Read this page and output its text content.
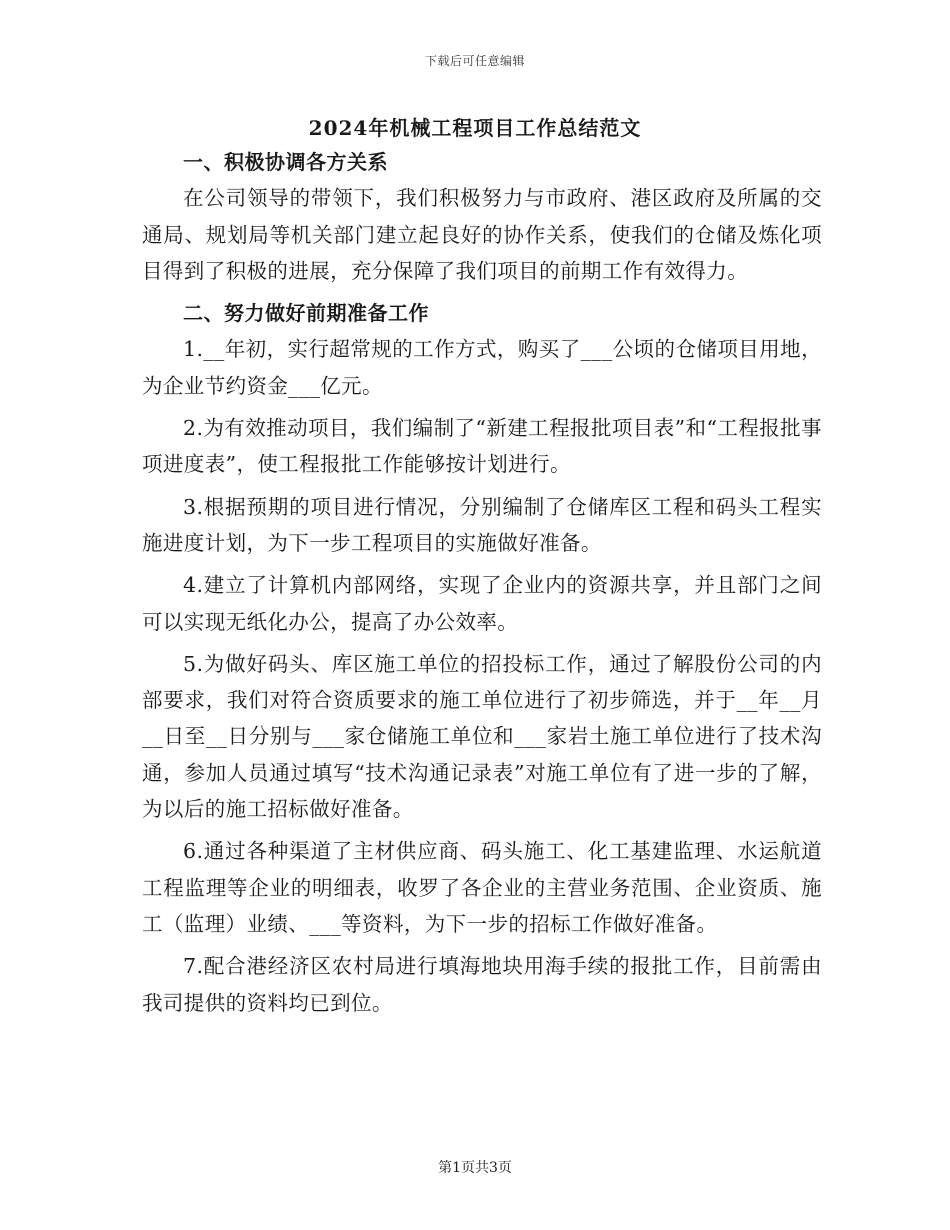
下载后可任意编辑
2024年机械工程项目工作总结范文

一、积极协调各方关系

在公司领导的带领下，我们积极努力与市政府、港区政府及所属的交通局、规划局等机关部门建立起良好的协作关系，使我们的仓储及炼化项目得到了积极的进展，充分保障了我们项目的前期工作有效得力。

二、努力做好前期准备工作

1.__年初，实行超常规的工作方式，购买了___公顷的仓储项目用地，为企业节约资金___亿元。

2.为有效推动项目，我们编制了“新建工程报批项目表”和“工程报批事项进度表”，使工程报批工作能够按计划进行。

3.根据预期的项目进行情况，分别编制了仓储库区工程和码头工程实施进度计划，为下一步工程项目的实施做好准备。

4.建立了计算机内部网络，实现了企业内的资源共享，并且部门之间可以实现无纸化办公，提高了办公效率。

5.为做好码头、库区施工单位的招投标工作，通过了解股份公司的内部要求，我们对符合资质要求的施工单位进行了初步筛选，并于__年__月__日至__日分别与___家仓储施工单位和___家岩土施工单位进行了技术沟通，参加人员通过填写“技术沟通记录表”对施工单位有了进一步的了解，为以后的施工招标做好准备。

6.通过各种渠道了主材供应商、码头施工、化工基建监理、水运航道工程监理等企业的明细表，收罗了各企业的主营业务范围、企业资质、施工（监理）业绩、___等资料，为下一步的招标工作做好准备。

7.配合港经济区农村局进行填海地块用海手续的报批工作，目前需由我司提供的资料均已到位。

第1页共3页
